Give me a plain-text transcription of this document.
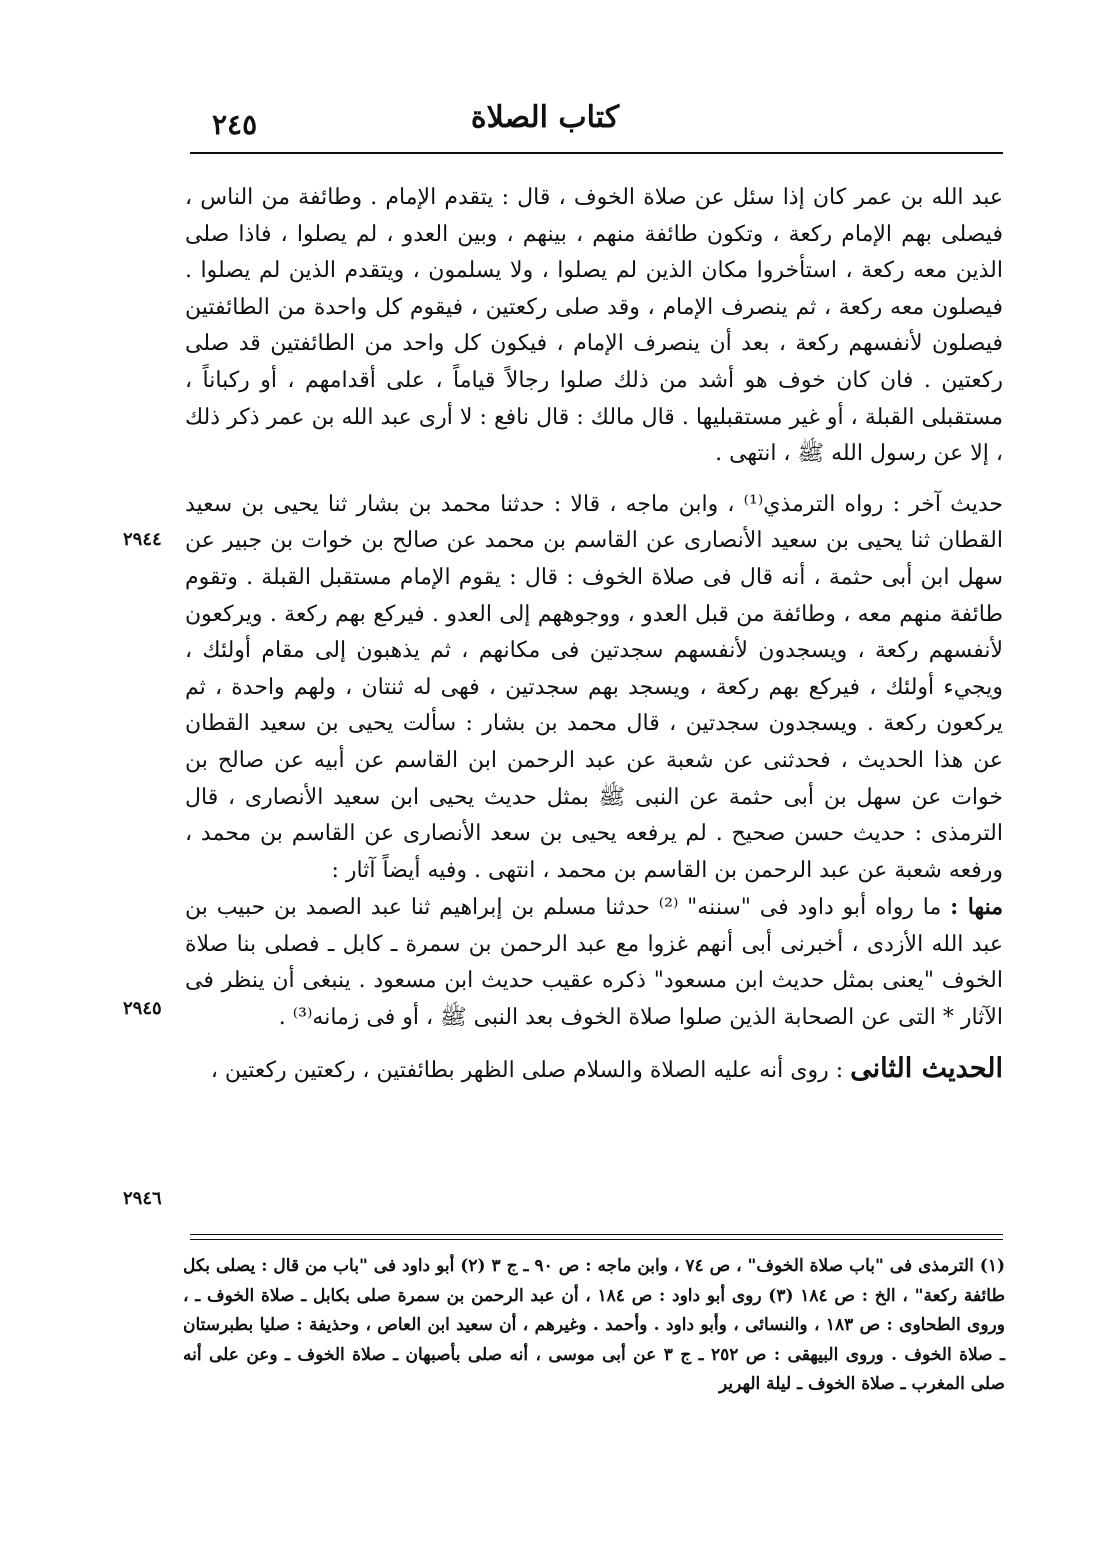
كتاب الصلاة
٢٤٥

عبد الله بن عمر كان إذا سئل عن صلاة الخوف ، قال : يتقدم الإمام . وطائفة من الناس ، فيصلى بهم الإمام ركعة ، وتكون طائفة منهم ، بينهم ، وبين العدو ، لم يصلوا ، فاذا صلى الذين معه ركعة ، استأخروا مكان الذين لم يصلوا ، ولا يسلمون ، ويتقدم الذين لم يصلوا . فيصلون معه ركعة ، ثم ينصرف الإمام ، وقد صلى ركعتين ، فيقوم كل واحدة من الطائفتين فيصلون لأنفسهم ركعة ، بعد أن ينصرف الإمام ، فيكون كل واحد من الطائفتين قد صلى ركعتين . فان كان خوف هو أشد من ذلك صلوا رجالاً قياماً ، على أقدامهم ، أو ركباناً ، مستقبلى القبلة ، أو غير مستقبليها . قال مالك : قال نافع : لا أرى عبد الله بن عمر ذكر ذلك ، إلا عن رسول الله ﷺ ، انتهى .

حديث آخر : رواه الترمذي⁽¹⁾ ، وابن ماجه ، قالا : حدثنا محمد بن بشار ثنا يحيى بن سعيد القطان ثنا يحيى بن سعيد الأنصارى عن القاسم بن محمد عن صالح بن خوات بن جبير عن سهل ابن أبى حثمة ، أنه قال فى صلاة الخوف : قال : يقوم الإمام مستقبل القبلة . وتقوم طائفة منهم معه ، وطائفة من قبل العدو ، ووجوههم إلى العدو . فيركع بهم ركعة . ويركعون لأنفسهم ركعة ، ويسجدون لأنفسهم سجدتين فى مكانهم ، ثم يذهبون إلى مقام أولئك ، ويجيء أولئك ، فيركع بهم ركعة ، ويسجد بهم سجدتين ، فهى له ثنتان ، ولهم واحدة ، ثم يركعون ركعة . ويسجدون سجدتين ، قال محمد بن بشار : سألت يحيى بن سعيد القطان عن هذا الحديث ، فحدثنى عن شعبة عن عبد الرحمن ابن القاسم عن أبيه عن صالح بن خوات عن سهل بن أبى حثمة عن النبى ﷺ بمثل حديث يحيى ابن سعيد الأنصارى ، قال الترمذى : حديث حسن صحيح . لم يرفعه يحيى بن سعد الأنصارى عن القاسم بن محمد ، ورفعه شعبة عن عبد الرحمن بن القاسم بن محمد ، انتهى . وفيه أيضاً آثار :

منها : ما رواه أبو داود فى "سننه" ⁽²⁾ حدثنا مسلم بن إبراهيم ثنا عبد الصمد بن حبيب بن عبد الله الأزدى ، أخبرنى أبى أنهم غزوا مع عبد الرحمن بن سمرة ـ كابل ـ فصلى بنا صلاة الخوف "يعنى بمثل حديث ابن مسعود" ذكره عقيب حديث ابن مسعود . ينبغى أن ينظر فى الآثار * التى عن الصحابة الذين صلوا صلاة الخوف بعد النبى ﷺ ، أو فى زمانه⁽³⁾ .

الحديث الثانى : روى أنه عليه الصلاة والسلام صلى الظهر بطائفتين ، ركعتين ركعتين ،

٢٩٤٤
٢٩٤٥
٢٩٤٦

(١) الترمذى فى "باب صلاة الخوف" ، ص ٧٤ ، وابن ماجه : ص ٩٠ ـ ج ٣ (٢) أبو داود فى "باب من قال : يصلى بكل طائفة ركعة" ، الخ : ص ١٨٤ (٣) روى أبو داود : ص ١٨٤ ، أن عبد الرحمن بن سمرة صلى بكابل ـ صلاة الخوف ـ ، وروى الطحاوى : ص ١٨٣ ، والنسائى ، وأبو داود . وأحمد . وغيرهم ، أن سعيد ابن العاص ، وحذيفة : صليا بطبرستان ـ صلاة الخوف . وروى البيهقى : ص ٢٥٢ ـ ج ٣ عن أبى موسى ، أنه صلى بأصبهان ـ صلاة الخوف ـ وعن على أنه صلى المغرب ـ صلاة الخوف ـ ليلة الهرير
